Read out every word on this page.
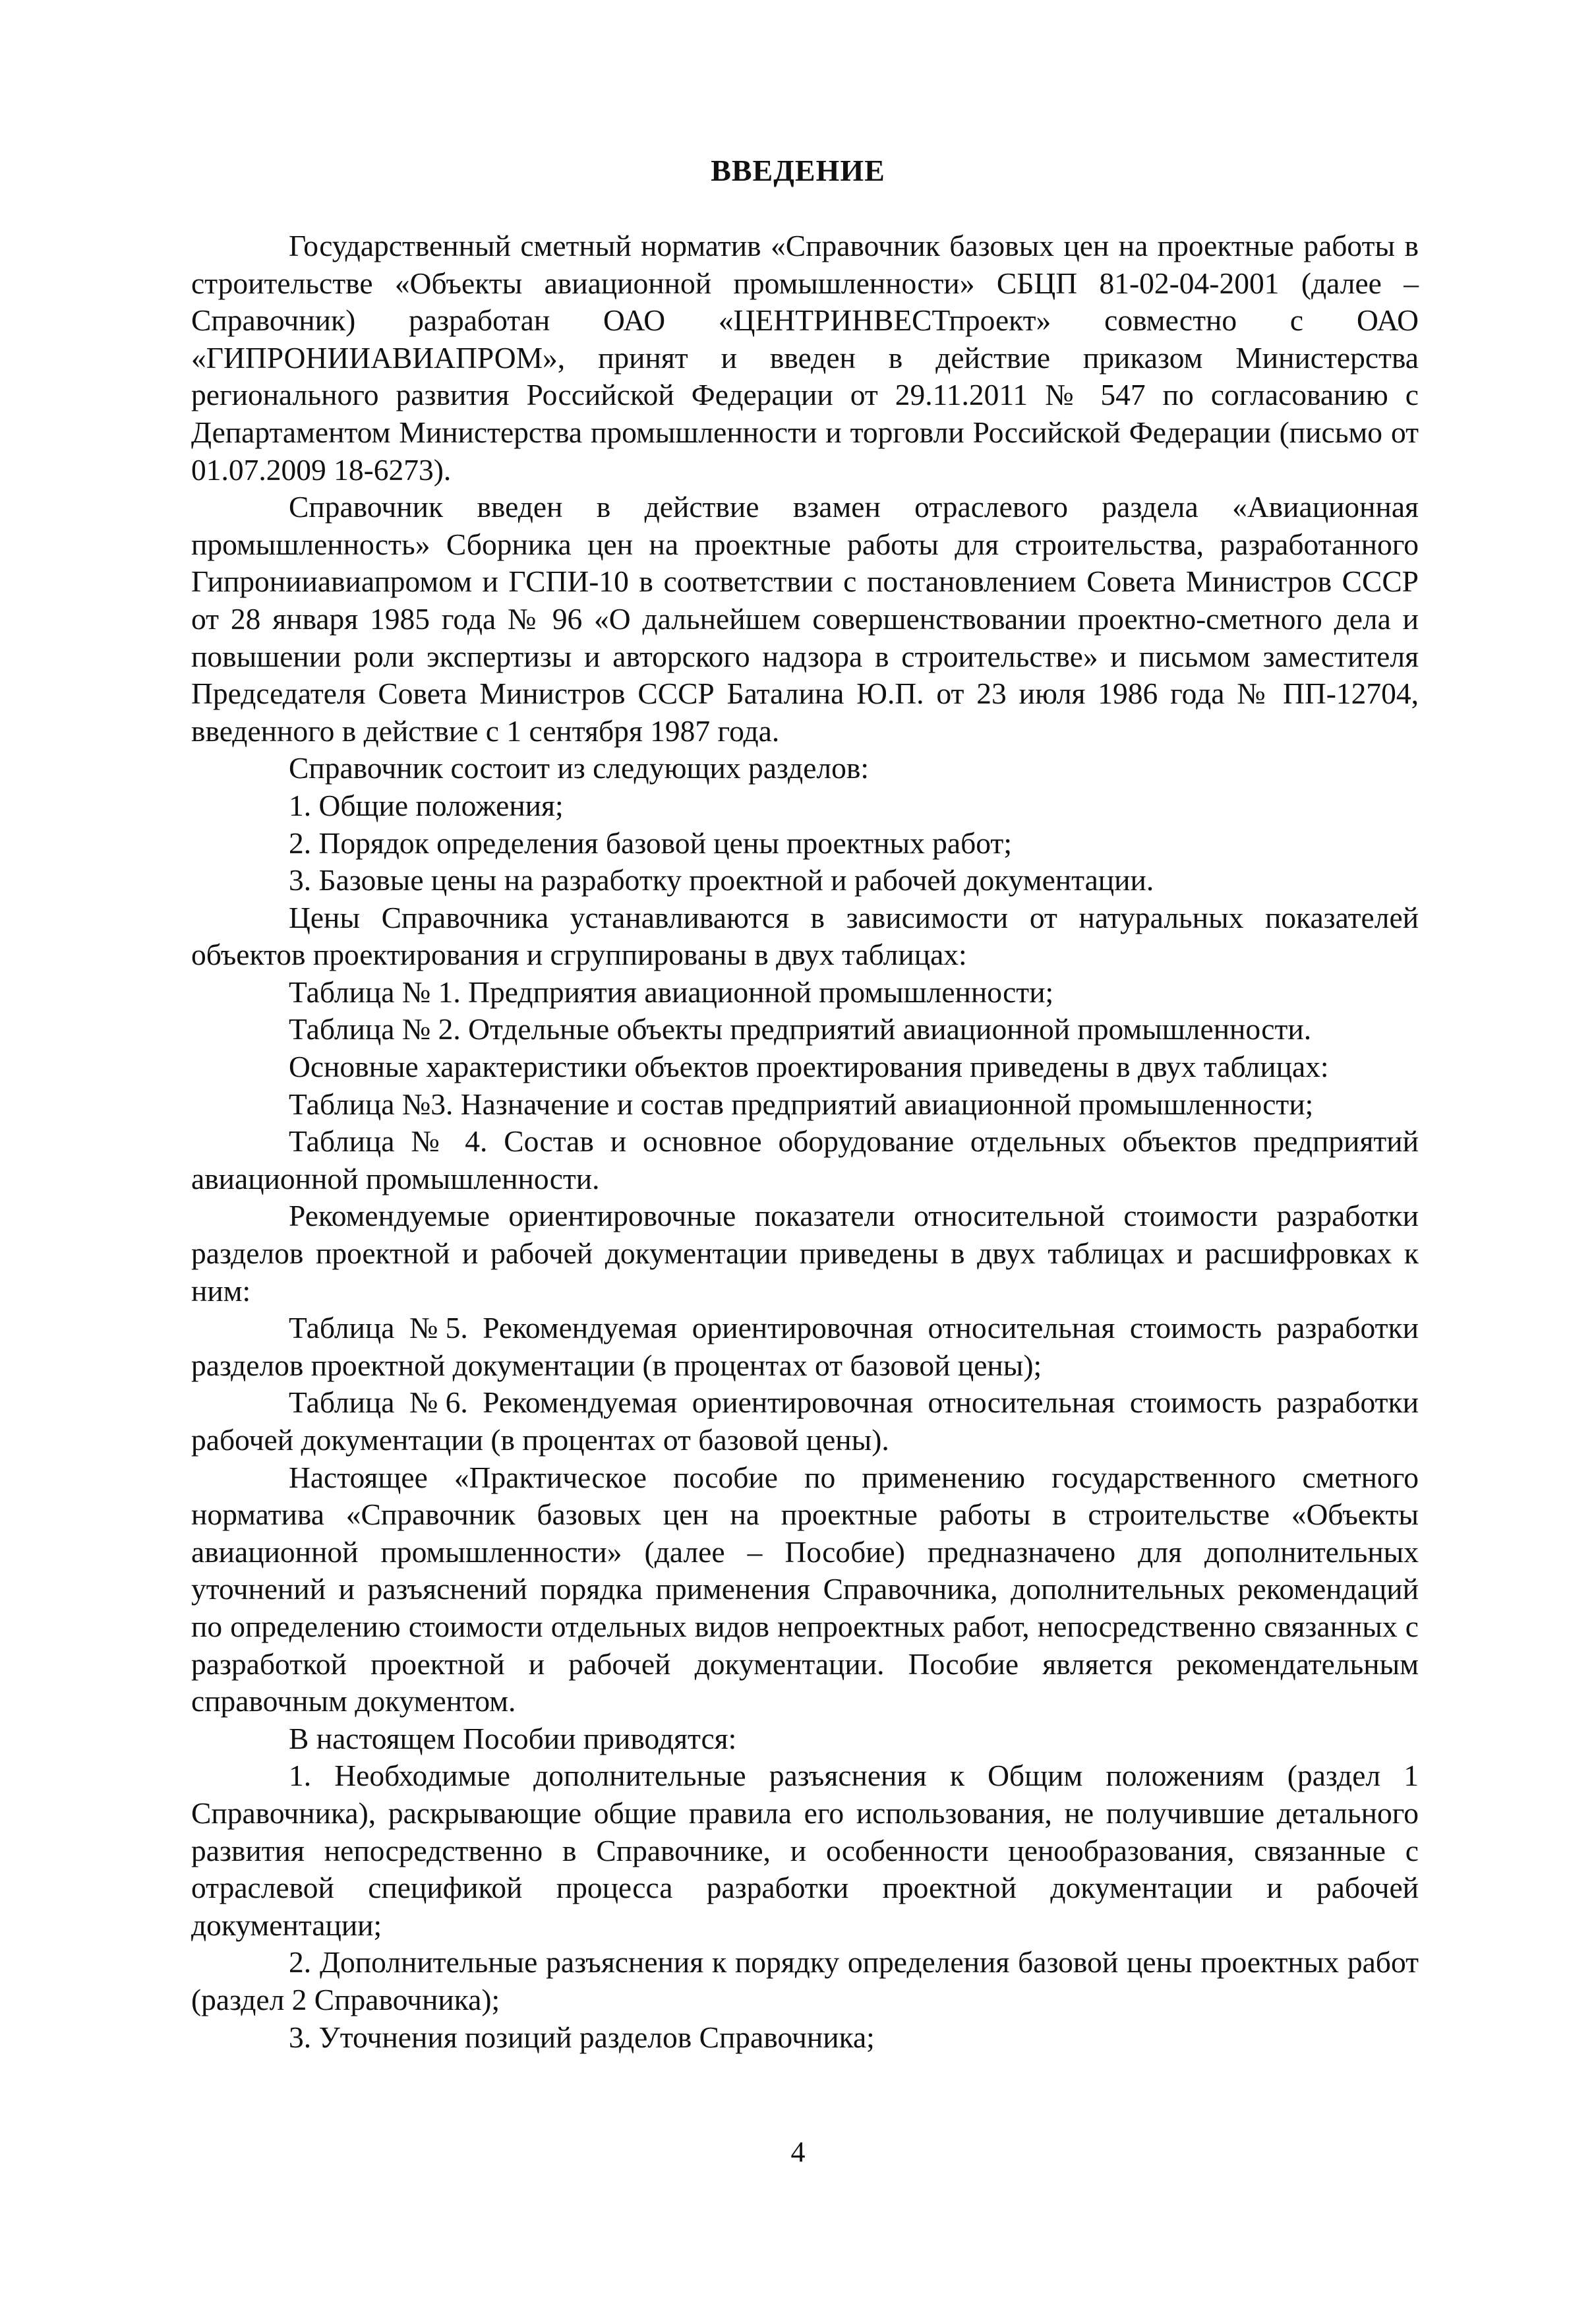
ВВЕДЕНИЕ

Государственный сметный норматив «Справочник базовых цен на проектные работы в строительстве «Объекты авиационной промышленности» СБЦП 81-02-04-2001 (далее – Справочник) разработан ОАО «ЦЕНТРИНВЕСТпроект» совместно с ОАО «ГИПРОНИИАВИАПРОМ», принят и введен в действие приказом Министерства регионального развития Российской Федерации от 29.11.2011 № 547 по согласованию с Департаментом Министерства промышленности и торговли Российской Федерации (письмо от 01.07.2009 18-6273).

Справочник введен в действие взамен отраслевого раздела «Авиационная промышленность» Сборника цен на проектные работы для строительства, разработанного Гипронииавиапромом и ГСПИ-10 в соответствии с постановлением Совета Министров СССР от 28 января 1985 года № 96 «О дальнейшем совершенствовании проектно-сметного дела и повышении роли экспертизы и авторского надзора в строительстве» и письмом заместителя Председателя Совета Министров СССР Баталина Ю.П. от 23 июля 1986 года № ПП-12704, введенного в действие с 1 сентября 1987 года.

Справочник состоит из следующих разделов:

1. Общие положения;

2. Порядок определения базовой цены проектных работ;

3. Базовые цены на разработку проектной и рабочей документации.

Цены Справочника устанавливаются в зависимости от натуральных показателей объектов проектирования и сгруппированы в двух таблицах:

Таблица № 1. Предприятия авиационной промышленности;

Таблица № 2. Отдельные объекты предприятий авиационной промышленности.

Основные характеристики объектов проектирования приведены в двух таблицах:

Таблица №3. Назначение и состав предприятий авиационной промышленности;

Таблица № 4. Состав и основное оборудование отдельных объектов предприятий авиационной промышленности.

Рекомендуемые ориентировочные показатели относительной стоимости разработки разделов проектной и рабочей документации приведены в двух таблицах и расшифровках к ним:

Таблица №5. Рекомендуемая ориентировочная относительная стоимость разработки разделов проектной документации (в процентах от базовой цены);

Таблица №6. Рекомендуемая ориентировочная относительная стоимость разработки рабочей документации (в процентах от базовой цены).

Настоящее «Практическое пособие по применению государственного сметного норматива «Справочник базовых цен на проектные работы в строительстве «Объекты авиационной промышленности» (далее – Пособие) предназначено для дополнительных уточнений и разъяснений порядка применения Справочника, дополнительных рекомендаций по определению стоимости отдельных видов непроектных работ, непосредственно связанных с разработкой проектной и рабочей документации. Пособие является рекомендательным справочным документом.

В настоящем Пособии приводятся:

1. Необходимые дополнительные разъяснения к Общим положениям (раздел 1 Справочника), раскрывающие общие правила его использования, не получившие детального развития непосредственно в Справочнике, и особенности ценообразования, связанные с отраслевой спецификой процесса разработки проектной документации и рабочей документации;

2. Дополнительные разъяснения к порядку определения базовой цены проектных работ (раздел 2 Справочника);

3. Уточнения позиций разделов Справочника;

4
